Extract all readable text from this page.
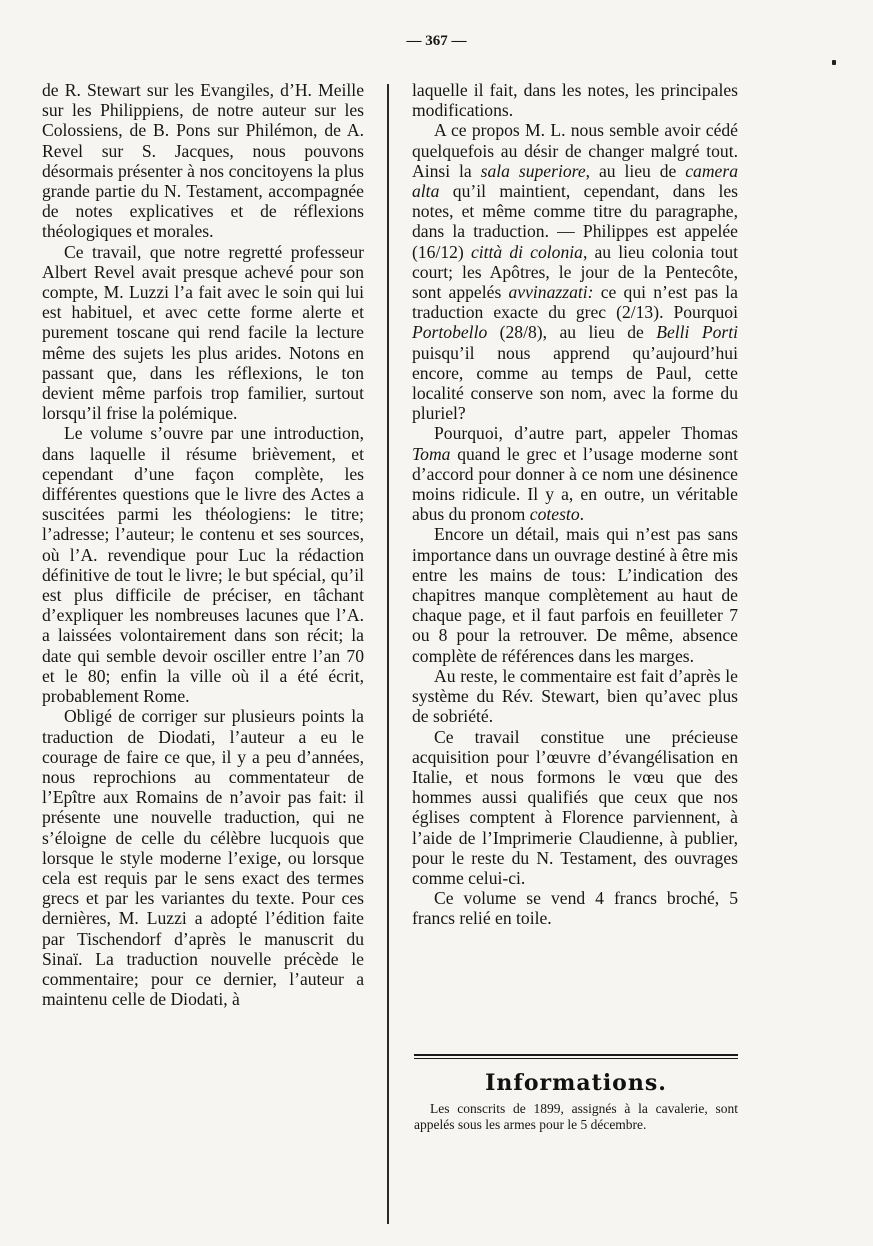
— 367 —

de R. Stewart sur les Evangiles, d’H. Meille sur les Philippiens, de notre auteur sur les Colossiens, de B. Pons sur Philémon, de A. Revel sur S. Jacques, nous pouvons désormais présenter à nos concitoyens la plus grande partie du N. Testament, accompagnée de notes explicatives et de réflexions théologiques et morales.

Ce travail, que notre regretté professeur Albert Revel avait presque achevé pour son compte, M. Luzzi l’a fait avec le soin qui lui est habituel, et avec cette forme alerte et purement toscane qui rend facile la lecture même des sujets les plus arides. Notons en passant que, dans les réflexions, le ton devient même parfois trop familier, surtout lorsqu’il frise la polémique.

Le volume s’ouvre par une introduction, dans laquelle il résume brièvement, et cependant d’une façon complète, les différentes questions que le livre des Actes a suscitées parmi les théologiens: le titre; l’adresse; l’auteur; le contenu et ses sources, où l’A. revendique pour Luc la rédaction définitive de tout le livre; le but spécial, qu’il est plus difficile de préciser, en tâchant d’expliquer les nombreuses lacunes que l’A. a laissées volontairement dans son récit; la date qui semble devoir osciller entre l’an 70 et le 80; enfin la ville où il a été écrit, probablement Rome.

Obligé de corriger sur plusieurs points la traduction de Diodati, l’auteur a eu le courage de faire ce que, il y a peu d’années, nous reprochions au commentateur de l’Epître aux Romains de n’avoir pas fait: il présente une nouvelle traduction, qui ne s’éloigne de celle du célèbre lucquois que lorsque le style moderne l’exige, ou lorsque cela est requis par le sens exact des termes grecs et par les variantes du texte. Pour ces dernières, M. Luzzi a adopté l’édition faite par Tischendorf d’après le manuscrit du Sinaï. La traduction nouvelle précède le commentaire; pour ce dernier, l’auteur a maintenu celle de Diodati, à

laquelle il fait, dans les notes, les principales modifications.

A ce propos M. L. nous semble avoir cédé quelquefois au désir de changer malgré tout. Ainsi la sala superiore, au lieu de camera alta qu’il maintient, cependant, dans les notes, et même comme titre du paragraphe, dans la traduction. — Philippes est appelée (16/12) città di colonia, au lieu colonia tout court; les Apôtres, le jour de la Pentecôte, sont appelés avvinazzati: ce qui n’est pas la traduction exacte du grec (2/13). Pourquoi Portobello (28/8), au lieu de Belli Porti puisqu’il nous apprend qu’aujourd’hui encore, comme au temps de Paul, cette localité conserve son nom, avec la forme du pluriel?

Pourquoi, d’autre part, appeler Thomas Toma quand le grec et l’usage moderne sont d’accord pour donner à ce nom une désinence moins ridicule. Il y a, en outre, un véritable abus du pronom cotesto.

Encore un détail, mais qui n’est pas sans importance dans un ouvrage destiné à être mis entre les mains de tous: L’indication des chapitres manque complètement au haut de chaque page, et il faut parfois en feuilleter 7 ou 8 pour la retrouver. De même, absence complète de références dans les marges.

Au reste, le commentaire est fait d’après le système du Rév. Stewart, bien qu’avec plus de sobriété.

Ce travail constitue une précieuse acquisition pour l’œuvre d’évangélisation en Italie, et nous formons le vœu que des hommes aussi qualifiés que ceux que nos églises comptent à Florence parviennent, à l’aide de l’Imprimerie Claudienne, à publier, pour le reste du N. Testament, des ouvrages comme celui-ci.

Ce volume se vend 4 francs broché, 5 francs relié en toile.

Informations.

Les conscrits de 1899, assignés à la cavalerie, sont appelés sous les armes pour le 5 décembre.
